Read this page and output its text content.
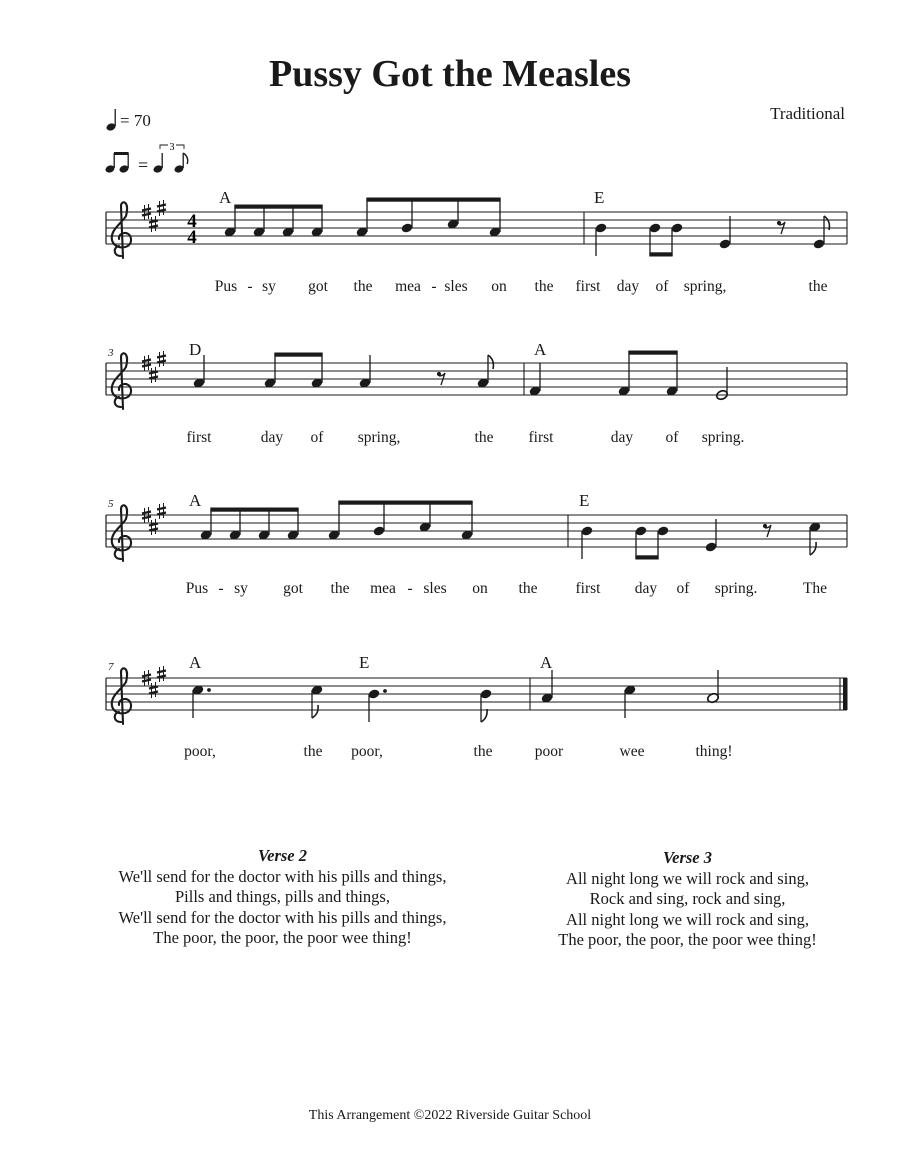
Pussy Got the Measles
Traditional
= 70
=
3
4
4
A	E
Pus - sy got the mea - sles on the first day of spring,	the
3	D	A
first	day of spring,	the first	day of spring.
5	A	E
Pus - sy got the mea - sles on the first day of spring.	The
7	A	E	A
poor,	the poor,	the	poor	wee	thing!
Verse 2
We'll send for the doctor with his pills and things,
Pills and things, pills and things,
We'll send for the doctor with his pills and things,
The poor, the poor, the poor wee thing!
Verse 3
All night long we will rock and sing,
Rock and sing, rock and sing,
All night long we will rock and sing,
The poor, the poor, the poor wee thing!
This Arrangement ©2022 Riverside Guitar School
